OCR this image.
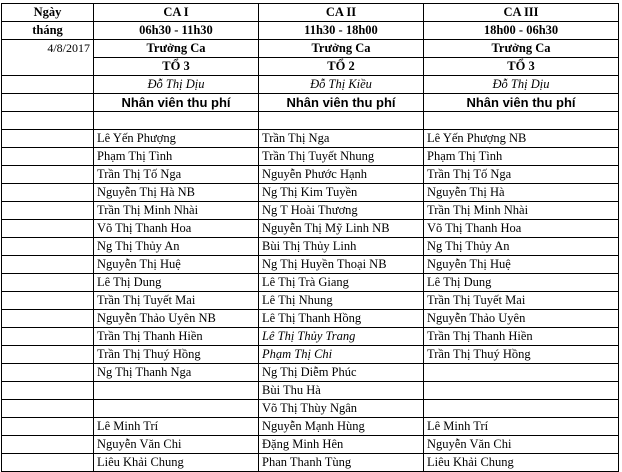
Ngày	CA I	CA II	CA III
tháng	06h30 - 11h30	11h30 - 18h00	18h00 - 06h30
4/8/2017	Trưởng Ca	Trưởng Ca	Trưởng Ca
	TỔ 3	TỔ 2	TỔ 3
	Đỗ Thị Dịu	Đỗ Thị Kiều	Đỗ Thị Dịu
	Nhân viên thu phí	Nhân viên thu phí	Nhân viên thu phí

	Lê Yến Phượng	Trần Thị Nga	Lê Yến Phượng NB
	Phạm Thị Tình	Trần Thị Tuyết Nhung	Phạm Thị Tình
	Trần Thị Tố Nga	Nguyễn Phước Hạnh	Trần Thị Tố Nga
	Nguyễn Thị Hà NB	Ng Thị Kim Tuyền	Nguyễn Thị Hà
	Trần Thị Minh Nhài	Ng T Hoài Thương	Trần Thị Minh Nhài
	Võ Thị Thanh Hoa	Nguyễn Thị Mỹ Linh NB	Võ Thị Thanh Hoa
	Ng Thị Thủy An	Bùi Thị Thủy Linh	Ng Thị Thủy An
	Nguyễn Thị Huệ	Ng Thị Huyền Thoại NB	Nguyễn Thị Huệ
	Lê Thị Dung	Lê Thị Trà Giang	Lê Thị Dung
	Trần Thị Tuyết Mai	Lê Thị Nhung	Trần Thị Tuyết Mai
	Nguyễn Thảo Uyên NB	Lê Thị Thanh Hồng	Nguyễn Thảo Uyên
	Trần Thị Thanh Hiền	Lê Thị Thủy Trang	Trần Thị Thanh Hiền
	Trần Thị Thuý Hồng	Phạm Thị Chi	Trần Thị Thuý Hồng
	Ng Thị Thanh Nga	Ng Thị Diễm Phúc	
		Bùi Thu Hà	
		Võ Thị Thùy Ngân	
	Lê Minh Trí	Nguyễn Mạnh Hùng	Lê Minh Trí
	Nguyễn Văn Chi	Đặng Minh Hên	Nguyễn Văn Chi
	Liêu Khải Chung	Phan Thanh Tùng	Liêu Khải Chung
